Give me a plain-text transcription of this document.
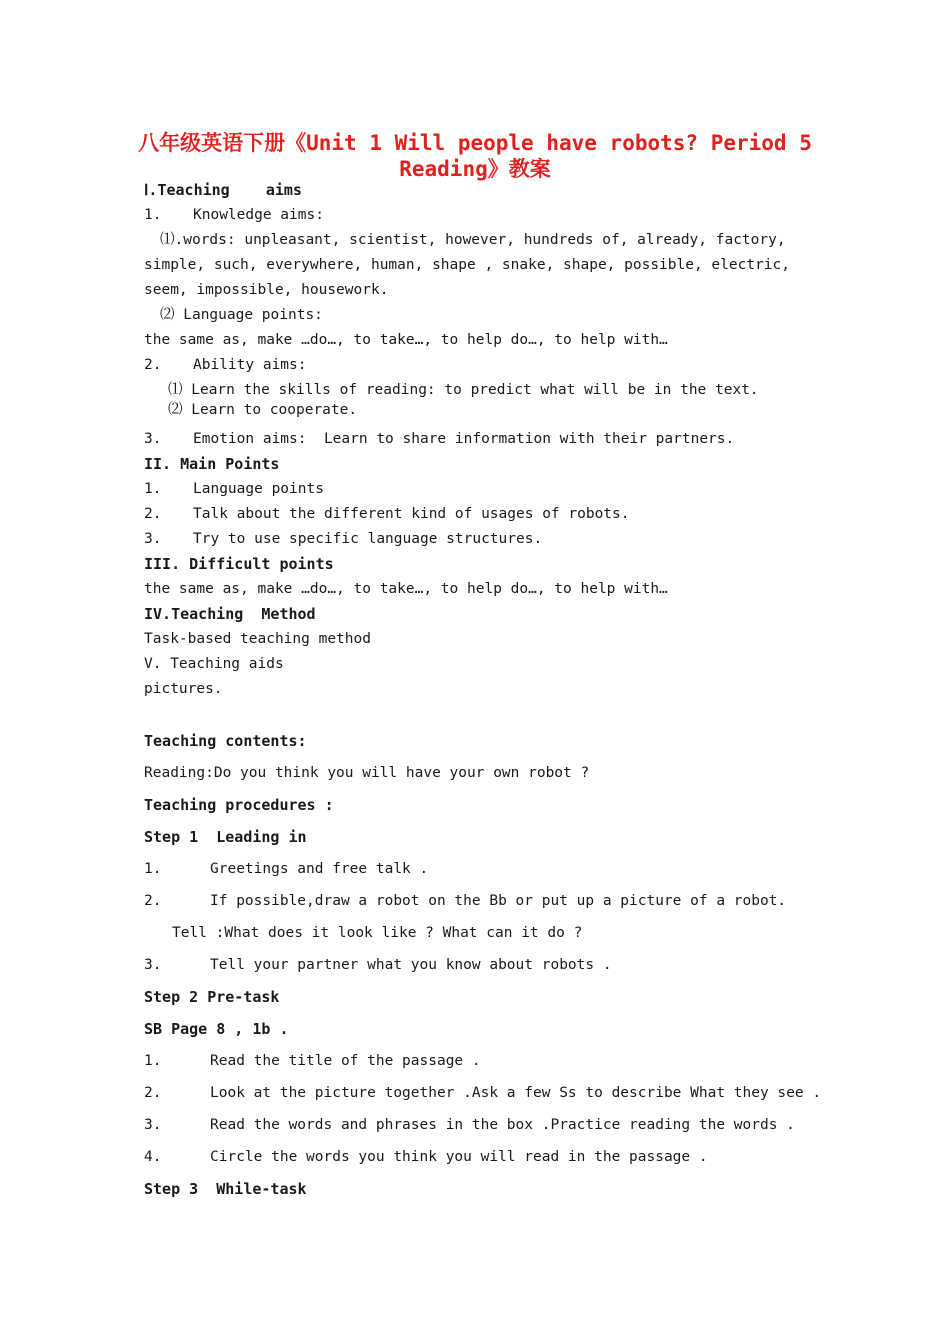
八年级英语下册《Unit 1 Will people have robots? Period 5
Reading》教案
Ⅰ.Teaching    aims
1. Knowledge aims:
⑴.words: unpleasant, scientist, however, hundreds of, already, factory,
simple, such, everywhere, human, shape , snake, shape, possible, electric,
seem, impossible, housework.
⑵ Language points:
the same as, make …do…, to take…, to help do…, to help with…
2. Ability aims:
⑴ Learn the skills of reading: to predict what will be in the text.
⑵ Learn to cooperate.
3. Emotion aims:  Learn to share information with their partners.
II. Main Points
1. Language points
2. Talk about the different kind of usages of robots.
3. Try to use specific language structures.
III. Difficult points
the same as, make …do…, to take…, to help do…, to help with…
IV.Teaching  Method
Task-based teaching method
V. Teaching aids
pictures.
Teaching contents:
Reading:Do you think you will have your own robot ?
Teaching procedures :
Step 1  Leading in
1.	Greetings and free talk .
2.	If possible,draw a robot on the Bb or put up a picture of a robot.
Tell :What does it look like ? What can it do ?
3.	Tell your partner what you know about robots .
Step 2 Pre-task
SB Page 8 , 1b .
1.	Read the title of the passage .
2.	Look at the picture together .Ask a few Ss to describe What they see .
3.	Read the words and phrases in the box .Practice reading the words .
4.	Circle the words you think you will read in the passage .
Step 3  While-task
